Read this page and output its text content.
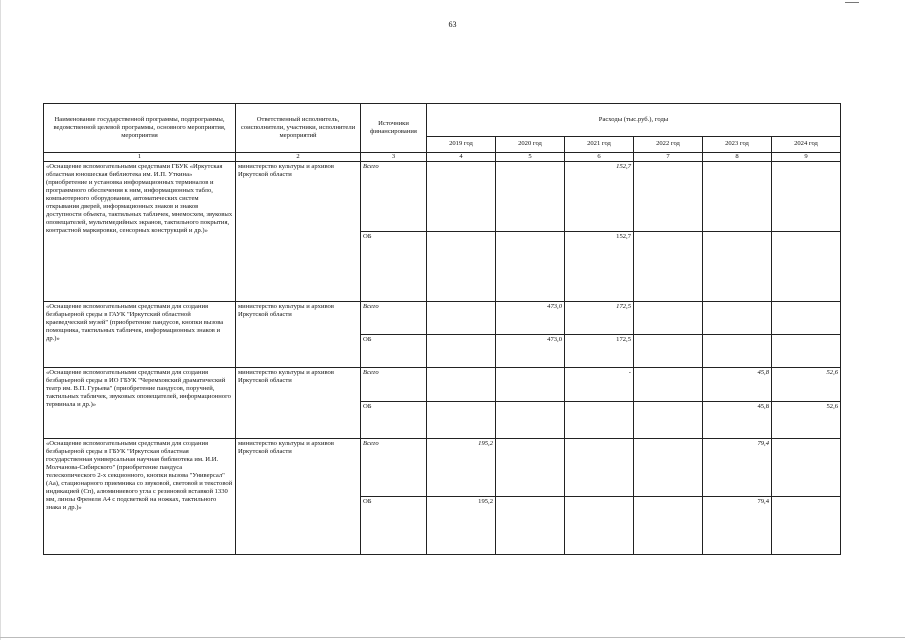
63
Наименование государственной программы, подпрограммы, ведомственной целевой программы, основного мероприятия, мероприятия	Ответственный исполнитель, соисполнители, участники, исполнители мероприятий	Источники финансирования	Расходы (тыс.руб.), годы					
			2019 год	2020 год	2021 год	2022 год	2023 год	2024 год
1	2	3	4	5	6	7	8	9
«Оснащение вспомогательными средствами ГБУК «Иркутская областная юношеская библиотека им. И.П. Уткина» (приобретение и установка информационных терминалов и программного обеспечения к ним, информационных табло, компьютерного оборудования, автоматических систем открывания дверей, информационных знаков и знаков доступности объекта, тактильных табличек, мнемосхем, звуковых оповещателей, мультимедийных экранов, тактильного покрытия, контрастной маркировки, сенсорных конструкций и др.)»	министерство культуры и архивов Иркутской области	Всего			152,7			
		ОБ			152,7			
«Оснащение вспомогательными средствами для создания безбарьерной среды в ГАУК "Иркутский областной краеведческий музей" (приобретение пандусов, кнопки вызова помощника, тактильных табличек, информационных знаков и др.)»	министерство культуры и архивов Иркутской области	Всего		473,0	172,5			
		ОБ		473,0	172,5			
«Оснащение вспомогательными средствами для создания безбарьерной среды в ИО ГБУК "Черемховский драматический театр им. В.П. Гурьева" (приобретение пандусов, поручней, тактильных табличек, звуковых оповещателей, информационного терминала и др.)»	министерство культуры и архивов Иркутской области	Всего			-		45,8	52,6
		ОБ					45,8	52,6
«Оснащение вспомогательными средствами для создания безбарьерной среды в ГБУК "Иркутская областная государственная универсальная научная библиотека им. И.И. Молчанова-Сибирского" (приобретение пандуса телескопического 2-х секционного, кнопки вызова "Универсал" (Аа), стационарного приемника со звуковой, световой и текстовой индикацией (Сп), алюминиевого угла с резиновой вставкой 1330 мм, линзы Френеля А4 с подсветкой на ножках, тактильного знака и др.)»	министерство культуры и архивов Иркутской области	Всего	195,2				79,4	
		ОБ	195,2				79,4	
